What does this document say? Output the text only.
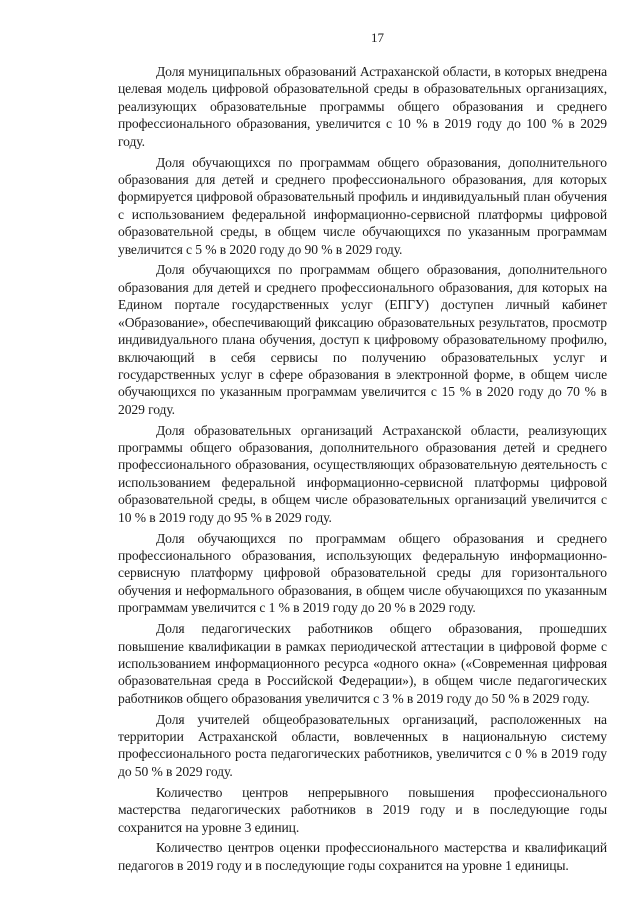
17

Доля муниципальных образований Астраханской области, в которых внедрена целевая модель цифровой образовательной среды в образовательных организациях, реализующих образовательные программы общего образования и среднего профессионального образования, увеличится с 10 % в 2019 году до 100 % в 2029 году.

Доля обучающихся по программам общего образования, дополнительного образования для детей и среднего профессионального образования, для которых формируется цифровой образовательный профиль и индивидуальный план обучения с использованием федеральной информационно-сервисной платформы цифровой образовательной среды, в общем числе обучающихся по указанным программам увеличится с 5 % в 2020 году до 90 % в 2029 году.

Доля обучающихся по программам общего образования, дополнительного образования для детей и среднего профессионального образования, для которых на Едином портале государственных услуг (ЕПГУ) доступен личный кабинет «Образование», обеспечивающий фиксацию образовательных результатов, просмотр индивидуального плана обучения, доступ к цифровому образовательному профилю, включающий в себя сервисы по получению образовательных услуг и государственных услуг в сфере образования в электронной форме, в общем числе обучающихся по указанным программам увеличится с 15 % в 2020 году до 70 % в 2029 году.

Доля образовательных организаций Астраханской области, реализующих программы общего образования, дополнительного образования детей и среднего профессионального образования, осуществляющих образовательную деятельность с использованием федеральной информационно-сервисной платформы цифровой образовательной среды, в общем числе образовательных организаций увеличится с 10 % в 2019 году до 95 % в 2029 году.

Доля обучающихся по программам общего образования и среднего профессионального образования, использующих федеральную информационно-сервисную платформу цифровой образовательной среды для горизонтального обучения и неформального образования, в общем числе обучающихся по указанным программам увеличится с 1 % в 2019 году до 20 % в 2029 году.

Доля педагогических работников общего образования, прошедших повышение квалификации в рамках периодической аттестации в цифровой форме с использованием информационного ресурса «одного окна» («Современная цифровая образовательная среда в Российской Федерации»), в общем числе педагогических работников общего образования увеличится с 3 % в 2019 году до 50 % в 2029 году.

Доля учителей общеобразовательных организаций, расположенных на территории Астраханской области, вовлеченных в национальную систему профессионального роста педагогических работников, увеличится с 0 % в 2019 году до 50 % в 2029 году.

Количество центров непрерывного повышения профессионального мастерства педагогических работников в 2019 году и в последующие годы сохранится на уровне 3 единиц.

Количество центров оценки профессионального мастерства и квалификаций педагогов в 2019 году и в последующие годы сохранится на уровне 1 единицы.
